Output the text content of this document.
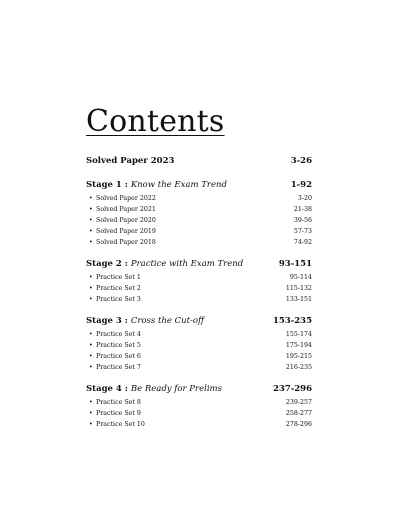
Contents
Solved Paper 2023	3-26
Stage 1 : Know the Exam Trend	1-92
• Solved Paper 2022	3-20
• Solved Paper 2021	21-38
• Solved Paper 2020	39-56
• Solved Paper 2019	57-73
• Solved Paper 2018	74-92
Stage 2 : Practice with Exam Trend	93-151
• Practice Set 1	95-114
• Practice Set 2	115-132
• Practice Set 3	133-151
Stage 3 : Cross the Cut-off	153-235
• Practice Set 4	155-174
• Practice Set 5	175-194
• Practice Set 6	195-215
• Practice Set 7	216-235
Stage 4 : Be Ready for Prelims	237-296
• Practice Set 8	239-257
• Practice Set 9	258-277
• Practice Set 10	278-296
